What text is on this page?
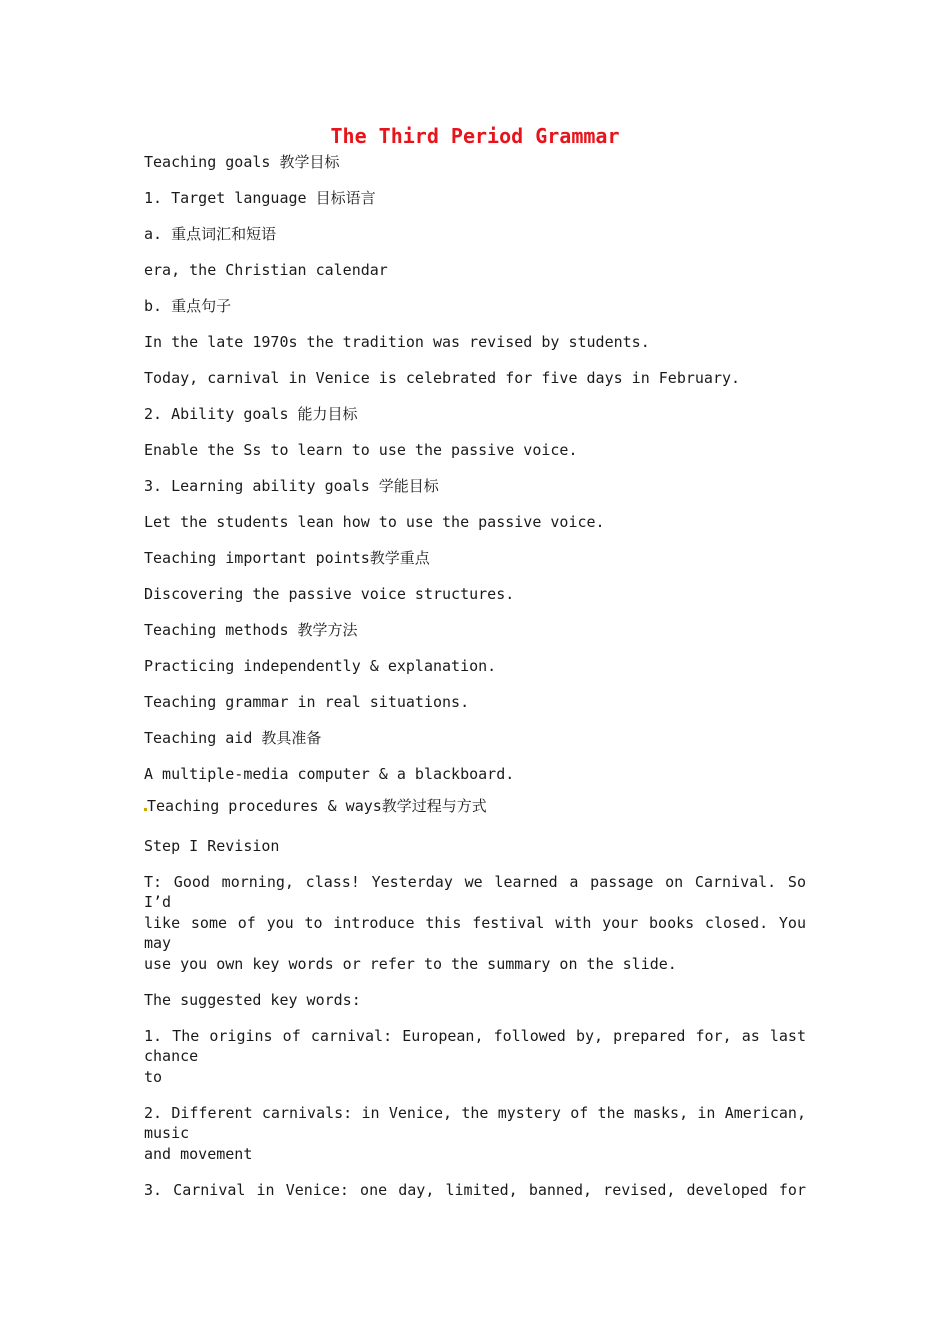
The Third Period Grammar
Teaching goals 教学目标
1. Target language 目标语言
a. 重点词汇和短语
era, the Christian calendar
b. 重点句子
In the late 1970s the tradition was revised by students.
Today, carnival in Venice is celebrated for five days in February.
2. Ability goals 能力目标
Enable the Ss to learn to use the passive voice.
3. Learning ability goals 学能目标
Let the students lean how to use the passive voice.
Teaching important points教学重点
Discovering the passive voice structures.
Teaching methods 教学方法
Practicing independently & explanation.
Teaching grammar in real situations.
Teaching aid 教具准备
A multiple-media computer & a blackboard.
Teaching procedures & ways教学过程与方式
Step I Revision
T: Good morning, class! Yesterday we learned a passage on Carnival. So I’d
like some of you to introduce this festival with your books closed. You may
use you own key words or refer to the summary on the slide.
The suggested key words:
1. The origins of carnival: European, followed by, prepared for, as last chance
to
2. Different carnivals: in Venice, the mystery of the masks, in American, music
and movement
3. Carnival in Venice: one day, limited, banned, revised, developed for
